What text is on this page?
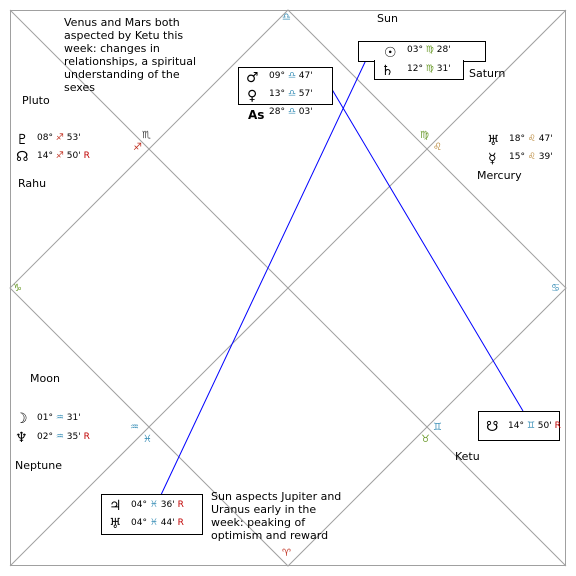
Venus and Mars both aspected by Ketu this week: changes in relationships, a spiritual understanding of the sexes
Sun aspects Jupiter and Uranus early in the week: peaking of optimism and reward
♎
♏
♐
♍
♌
♑	♋
♒
♓
♊
♉
♈
Sun
Saturn
Pluto
Rahu
Mercury
Moon
Neptune
Ketu
☉ 03° ♍ 28'
♄ 12° ♍ 31'
♂ 09° ♎ 47'
♀ 13° ♎ 57'
As 28° ♎ 03'
♇ 08° ♐ 53'
☊ 14° ♐ 50' R
♅ 18° ♌ 47'
☿ 15° ♌ 39'
☽ 01° ♒ 31'
♆ 02° ♒ 35' R
☋ 14° ♊ 50' R
♃ 04° ♓ 36' R
♅ 04° ♓ 44' R
